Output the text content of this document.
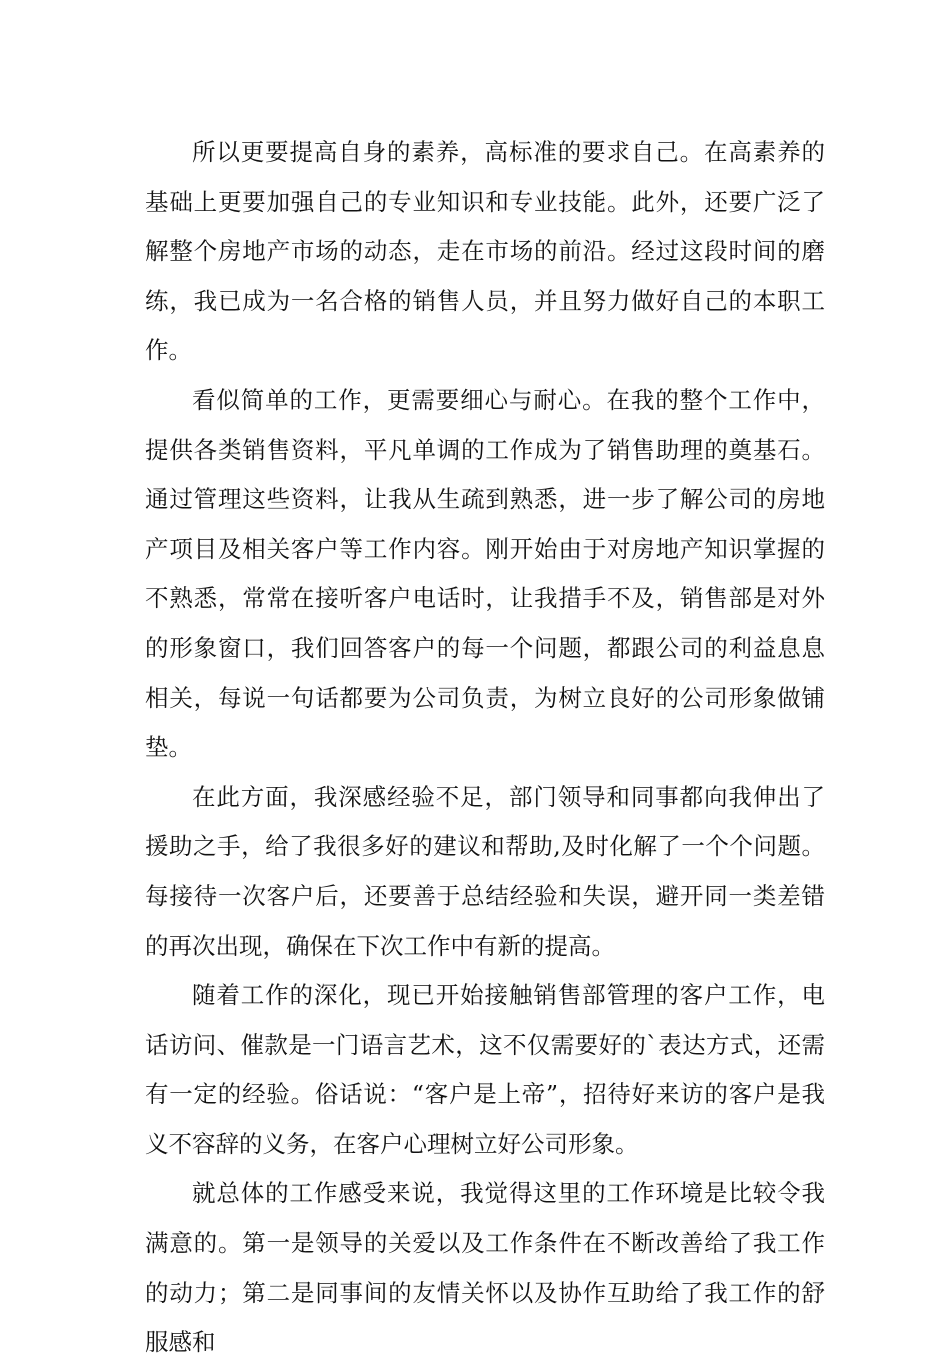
所以更要提高自身的素养，高标准的要求自己。在高素养的基础上更要加强自己的专业知识和专业技能。此外，还要广泛了解整个房地产市场的动态，走在市场的前沿。经过这段时间的磨练，我已成为一名合格的销售人员，并且努力做好自己的本职工作。

看似简单的工作，更需要细心与耐心。在我的整个工作中，提供各类销售资料，平凡单调的工作成为了销售助理的奠基石。通过管理这些资料，让我从生疏到熟悉，进一步了解公司的房地产项目及相关客户等工作内容。刚开始由于对房地产知识掌握的不熟悉，常常在接听客户电话时，让我措手不及，销售部是对外的形象窗口，我们回答客户的每一个问题，都跟公司的利益息息相关，每说一句话都要为公司负责，为树立良好的公司形象做铺垫。

在此方面，我深感经验不足，部门领导和同事都向我伸出了援助之手，给了我很多好的建议和帮助,及时化解了一个个问题。每接待一次客户后，还要善于总结经验和失误，避开同一类差错的再次出现，确保在下次工作中有新的提高。

随着工作的深化，现已开始接触销售部管理的客户工作，电话访问、催款是一门语言艺术，这不仅需要好的`表达方式，还需有一定的经验。俗话说：“客户是上帝”，招待好来访的客户是我义不容辞的义务，在客户心理树立好公司形象。

就总体的工作感受来说，我觉得这里的工作环境是比较令我满意的。第一是领导的关爱以及工作条件在不断改善给了我工作的动力；第二是同事间的友情关怀以及协作互助给了我工作的舒服感和
